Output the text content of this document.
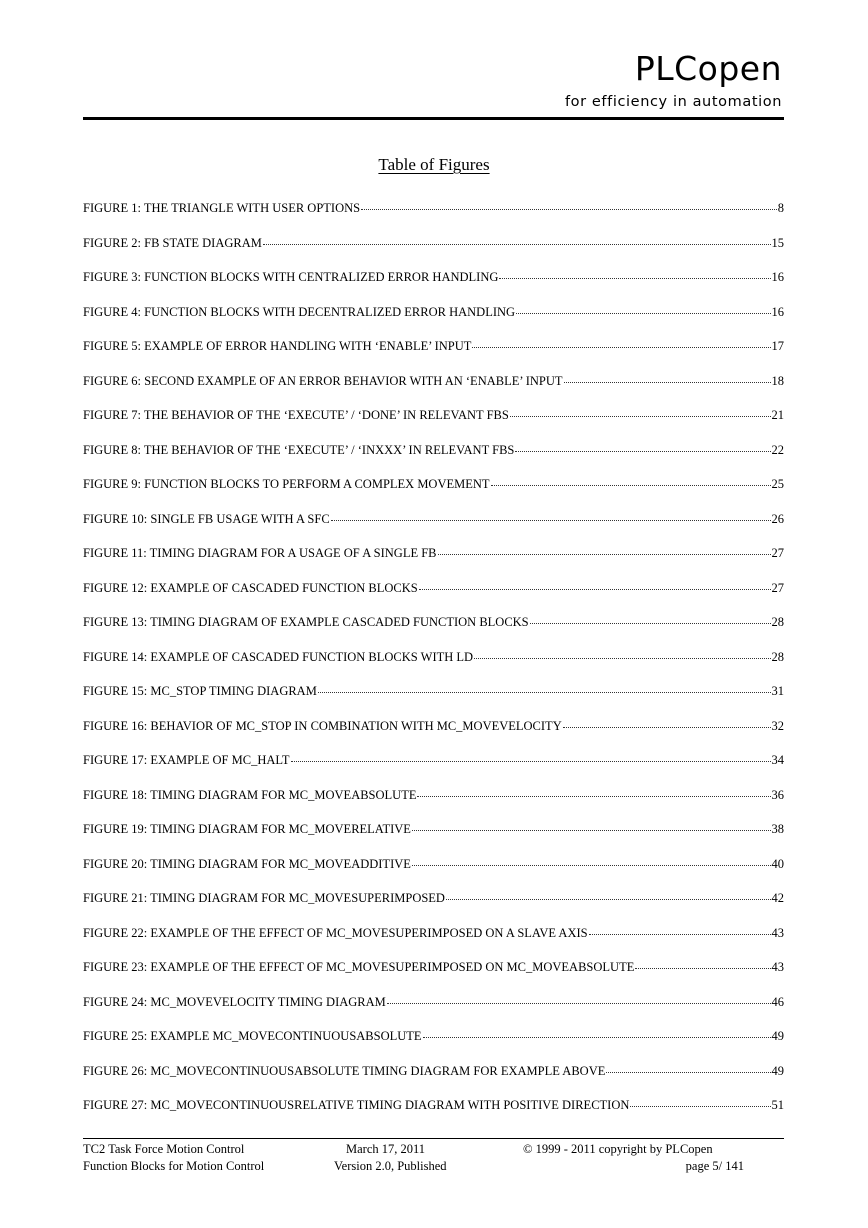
PLCopen
for efficiency in automation
Table of Figures
FIGURE 1: THE TRIANGLE WITH USER OPTIONS	8
FIGURE 2: FB STATE DIAGRAM	15
FIGURE 3: FUNCTION BLOCKS WITH CENTRALIZED ERROR HANDLING	16
FIGURE 4: FUNCTION BLOCKS WITH DECENTRALIZED ERROR HANDLING	16
FIGURE 5: EXAMPLE OF ERROR HANDLING WITH ‘ENABLE’ INPUT	17
FIGURE 6: SECOND EXAMPLE OF AN ERROR BEHAVIOR WITH AN ‘ENABLE’ INPUT	18
FIGURE 7: THE BEHAVIOR OF THE ‘EXECUTE’ / ‘DONE’ IN RELEVANT FBS	21
FIGURE 8: THE BEHAVIOR OF THE ‘EXECUTE’ / ‘INXXX’ IN RELEVANT FBS	22
FIGURE 9: FUNCTION BLOCKS TO PERFORM A COMPLEX MOVEMENT	25
FIGURE 10: SINGLE FB USAGE WITH A SFC	26
FIGURE 11: TIMING DIAGRAM FOR A USAGE OF A SINGLE FB	27
FIGURE 12: EXAMPLE OF CASCADED FUNCTION BLOCKS	27
FIGURE 13: TIMING DIAGRAM OF EXAMPLE CASCADED FUNCTION BLOCKS	28
FIGURE 14: EXAMPLE OF CASCADED FUNCTION BLOCKS WITH LD	28
FIGURE 15: MC_STOP TIMING DIAGRAM	31
FIGURE 16: BEHAVIOR OF MC_STOP IN COMBINATION WITH MC_MOVEVELOCITY	32
FIGURE 17: EXAMPLE OF MC_HALT	34
FIGURE 18: TIMING DIAGRAM FOR MC_MOVEABSOLUTE	36
FIGURE 19: TIMING DIAGRAM FOR MC_MOVERELATIVE	38
FIGURE 20: TIMING DIAGRAM FOR MC_MOVEADDITIVE	40
FIGURE 21: TIMING DIAGRAM FOR MC_MOVESUPERIMPOSED	42
FIGURE 22: EXAMPLE OF THE EFFECT OF MC_MOVESUPERIMPOSED ON A SLAVE AXIS	43
FIGURE 23: EXAMPLE OF THE EFFECT OF MC_MOVESUPERIMPOSED ON MC_MOVEABSOLUTE	43
FIGURE 24: MC_MOVEVELOCITY TIMING DIAGRAM	46
FIGURE 25: EXAMPLE MC_MOVECONTINUOUSABSOLUTE	49
FIGURE 26: MC_MOVECONTINUOUSABSOLUTE TIMING DIAGRAM FOR EXAMPLE ABOVE	49
FIGURE 27: MC_MOVECONTINUOUSRELATIVE TIMING DIAGRAM WITH POSITIVE DIRECTION	51
TC2 Task Force Motion Control
Function Blocks for Motion Control
March 17, 2011
Version 2.0, Published
© 1999 - 2011 copyright by PLCopen
page 5/ 141
